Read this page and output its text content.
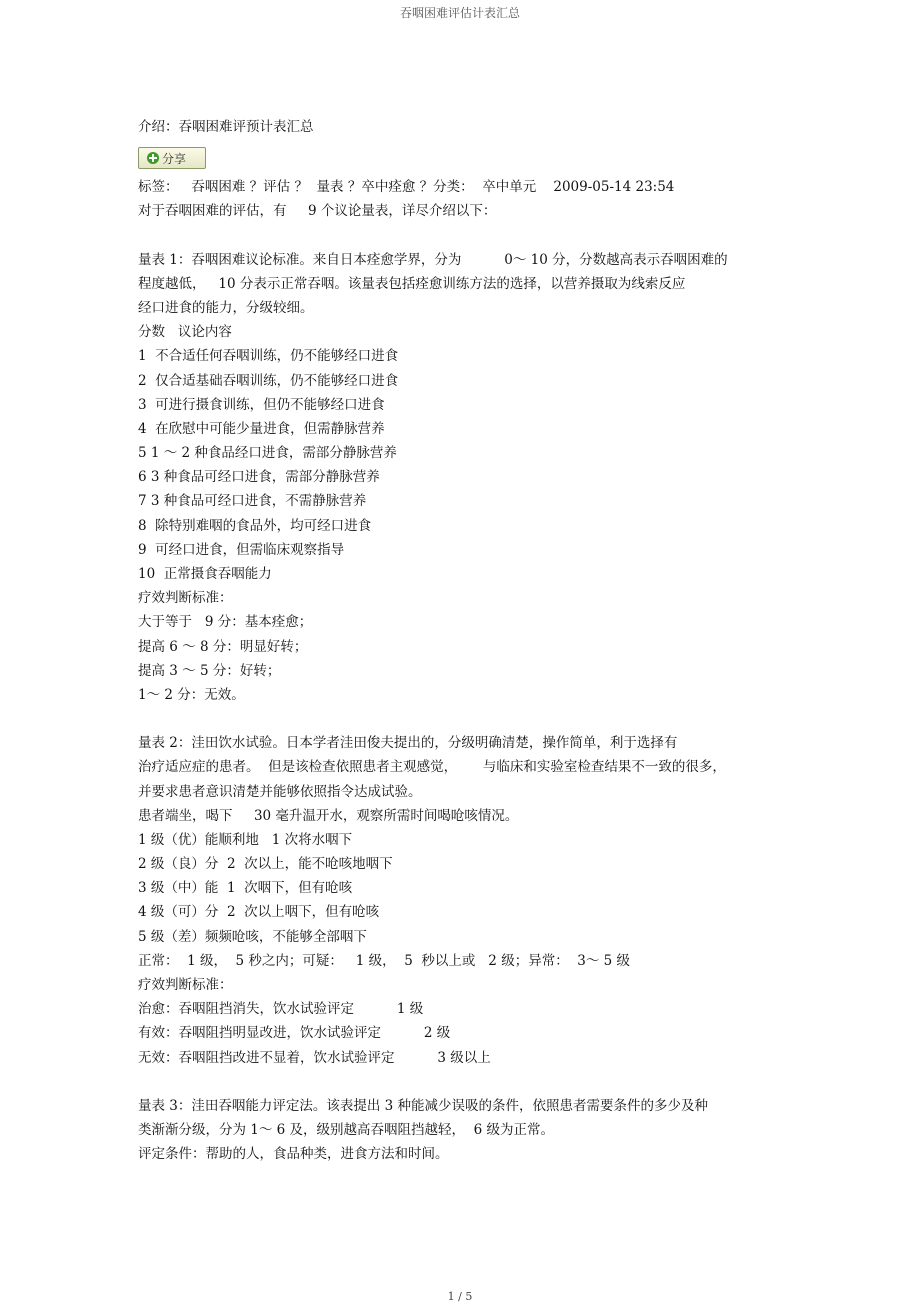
吞咽困难评估计表汇总
介绍：吞咽困难评预计表汇总
分享
标签：   吞咽困难 ？评估 ？  量表 ？卒中痊愈 ？分类：  卒中单元    2009-05-14 23:54
对于吞咽困难的评估，有     9 个议论量表，详尽介绍以下：
量表 1：吞咽困难议论标准。来自日本痊愈学界，分为          0～ 10 分，分数越高表示吞咽困难的
程度越低，   10 分表示正常吞咽。该量表包括痊愈训练方法的选择，以营养摄取为线索反应
经口进食的能力，分级较细。
分数   议论内容
1  不合适任何吞咽训练，仍不能够经口进食
2  仅合适基础吞咽训练，仍不能够经口进食
3  可进行摄食训练，但仍不能够经口进食
4  在欣慰中可能少量进食，但需静脉营养
5 1 ～ 2 种食品经口进食，需部分静脉营养
6 3 种食品可经口进食，需部分静脉营养
7 3 种食品可经口进食，不需静脉营养
8  除特别难咽的食品外，均可经口进食
9  可经口进食，但需临床观察指导
10  正常摄食吞咽能力
疗效判断标准：
大于等于   9 分：基本痊愈；
提高 6 ～ 8 分：明显好转；
提高 3 ～ 5 分：好转；
1～ 2 分：无效。
量表 2：洼田饮水试验。日本学者洼田俊夫提出的，分级明确清楚，操作简单，利于选择有
治疗适应症的患者。  但是该检查依照患者主观感觉，      与临床和实验室检查结果不一致的很多，
并要求患者意识清楚并能够依照指令达成试验。
患者端坐，喝下     30 毫升温开水，观察所需时间喝呛咳情况。
1 级（优）能顺利地   1 次将水咽下
2 级（良）分  2  次以上，能不呛咳地咽下
3 级（中）能  1  次咽下，但有呛咳
4 级（可）分  2  次以上咽下，但有呛咳
5 级（差）频频呛咳，不能够全部咽下
正常：  1 级，  5 秒之内；可疑：   1 级，  5  秒以上或   2 级；异常：  3～ 5 级
疗效判断标准：
治愈：吞咽阻挡消失，饮水试验评定          1 级
有效：吞咽阻挡明显改进，饮水试验评定          2 级
无效：吞咽阻挡改进不显着，饮水试验评定          3 级以上
量表 3：洼田吞咽能力评定法。该表提出 3 种能减少误吸的条件，依照患者需要条件的多少及种
类渐渐分级，分为 1～ 6 及，级别越高吞咽阻挡越轻，  6 级为正常。
评定条件：帮助的人，食品种类，进食方法和时间。
1 / 5
